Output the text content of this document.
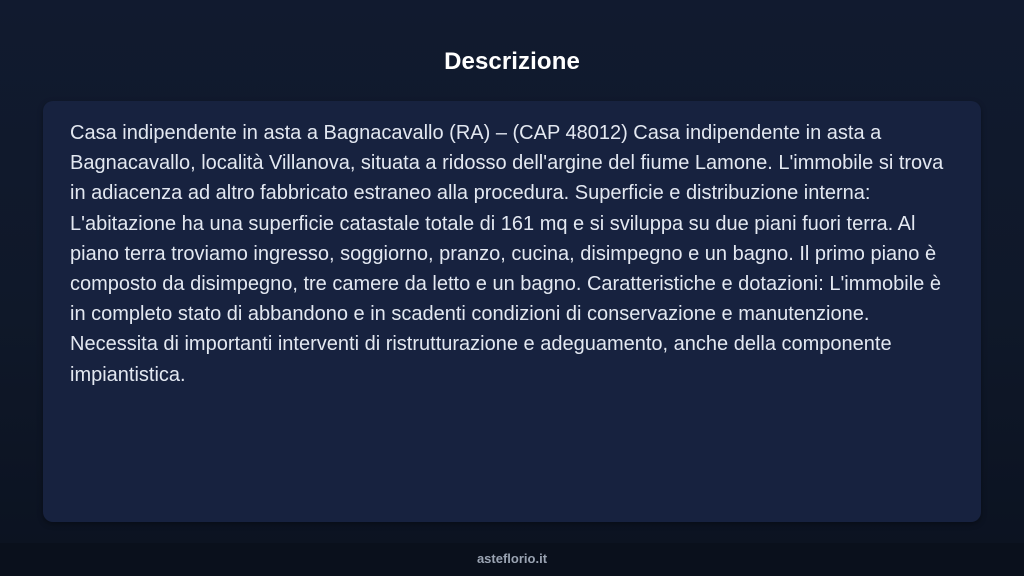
Descrizione

Casa indipendente in asta a Bagnacavallo (RA) – (CAP 48012) Casa indipendente in asta a Bagnacavallo, località Villanova, situata a ridosso dell'argine del fiume Lamone. L'immobile si trova in adiacenza ad altro fabbricato estraneo alla procedura. Superficie e distribuzione interna: L'abitazione ha una superficie catastale totale di 161 mq e si sviluppa su due piani fuori terra. Al piano terra troviamo ingresso, soggiorno, pranzo, cucina, disimpegno e un bagno. Il primo piano è composto da disimpegno, tre camere da letto e un bagno. Caratteristiche e dotazioni: L'immobile è in completo stato di abbandono e in scadenti condizioni di conservazione e manutenzione. Necessita di importanti interventi di ristrutturazione e adeguamento, anche della componente impiantistica.

asteflorio.it
